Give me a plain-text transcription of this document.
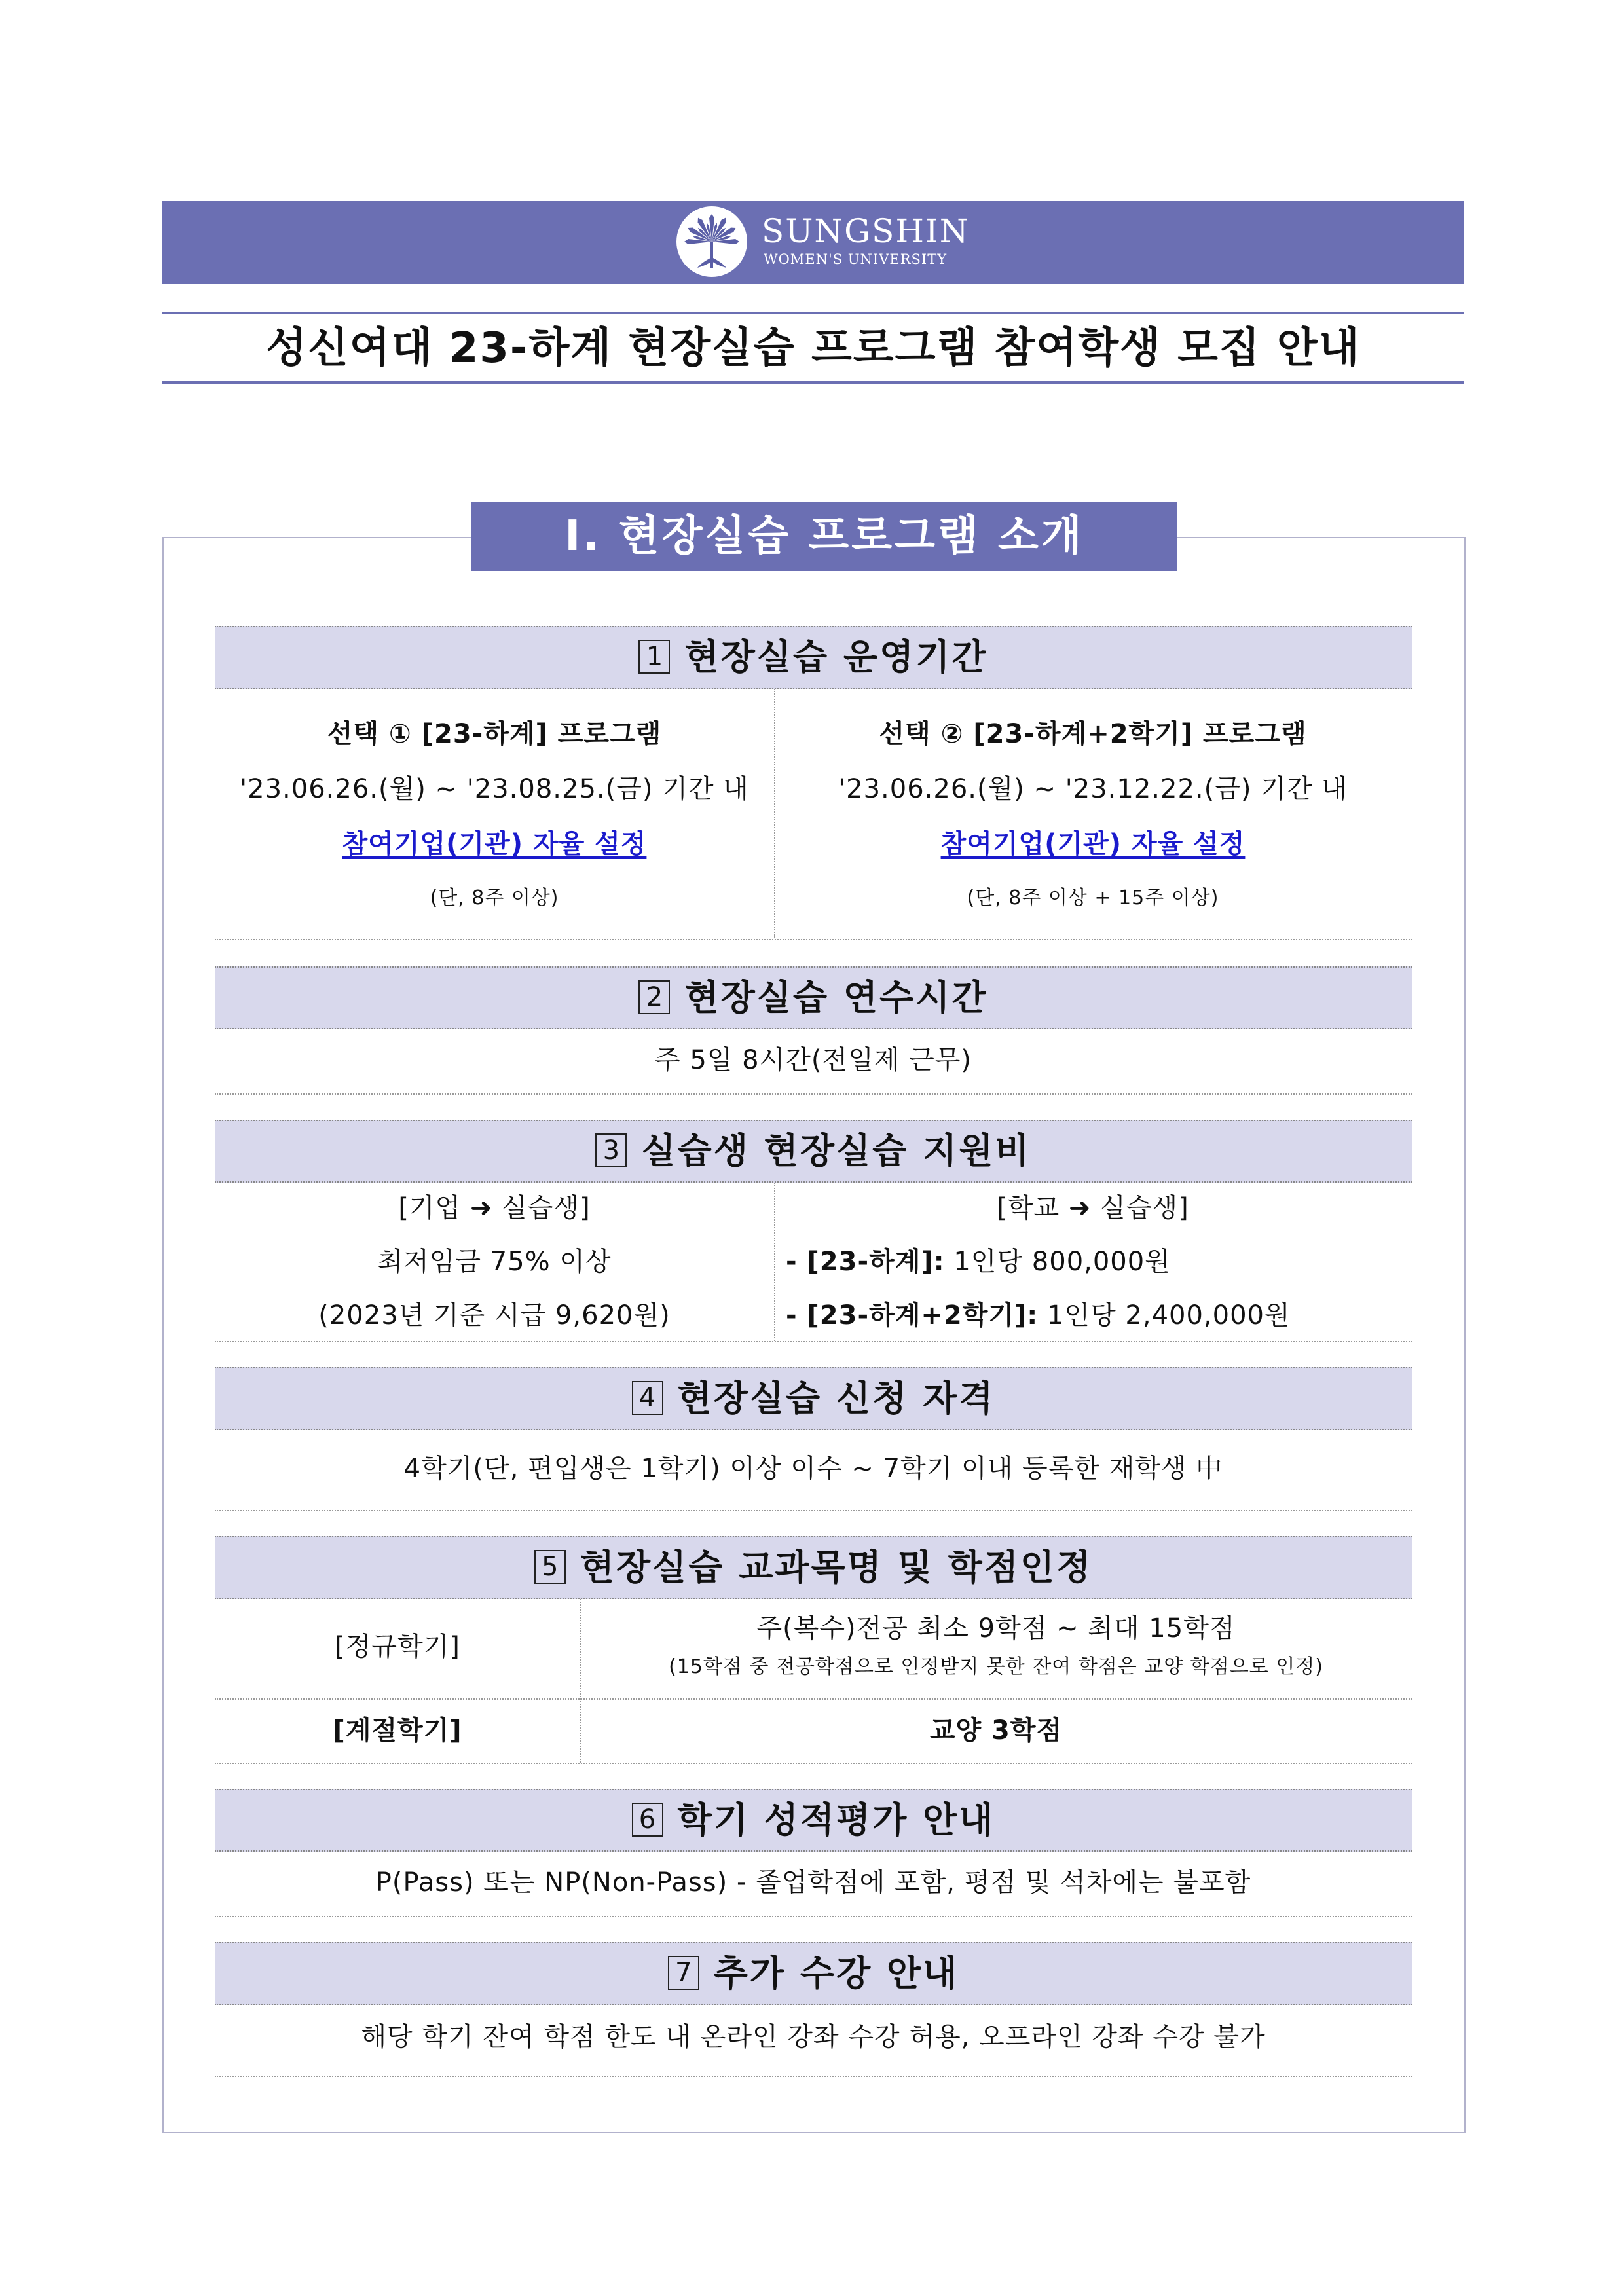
SUNGSHIN
WOMEN'S UNIVERSITY
성신여대 23-하계 현장실습 프로그램 참여학생 모집 안내
Ⅰ. 현장실습 프로그램 소개
1 현장실습 운영기간
선택 ① [23-하계] 프로그램
'23.06.26.(월) ~ '23.08.25.(금) 기간 내
참여기업(기관) 자율 설정
(단, 8주 이상)
선택 ② [23-하계+2학기] 프로그램
'23.06.26.(월) ~ '23.12.22.(금) 기간 내
참여기업(기관) 자율 설정
(단, 8주 이상 + 15주 이상)
2 현장실습 연수시간
주 5일 8시간(전일제 근무)
3 실습생 현장실습 지원비
[기업 ➜ 실습생]
최저임금 75% 이상
(2023년 기준 시급 9,620원)
[학교 ➜ 실습생]
- [23-하계]: 1인당 800,000원
- [23-하계+2학기]: 1인당 2,400,000원
4 현장실습 신청 자격
4학기(단, 편입생은 1학기) 이상 이수 ~ 7학기 이내 등록한 재학생 中
5 현장실습 교과목명 및 학점인정
[정규학기]
주(복수)전공 최소 9학점 ~ 최대 15학점
(15학점 중 전공학점으로 인정받지 못한 잔여 학점은 교양 학점으로 인정)
[계절학기]	교양 3학점
6 학기 성적평가 안내
P(Pass) 또는 NP(Non-Pass) - 졸업학점에 포함, 평점 및 석차에는 불포함
7 추가 수강 안내
해당 학기 잔여 학점 한도 내 온라인 강좌 수강 허용, 오프라인 강좌 수강 불가
